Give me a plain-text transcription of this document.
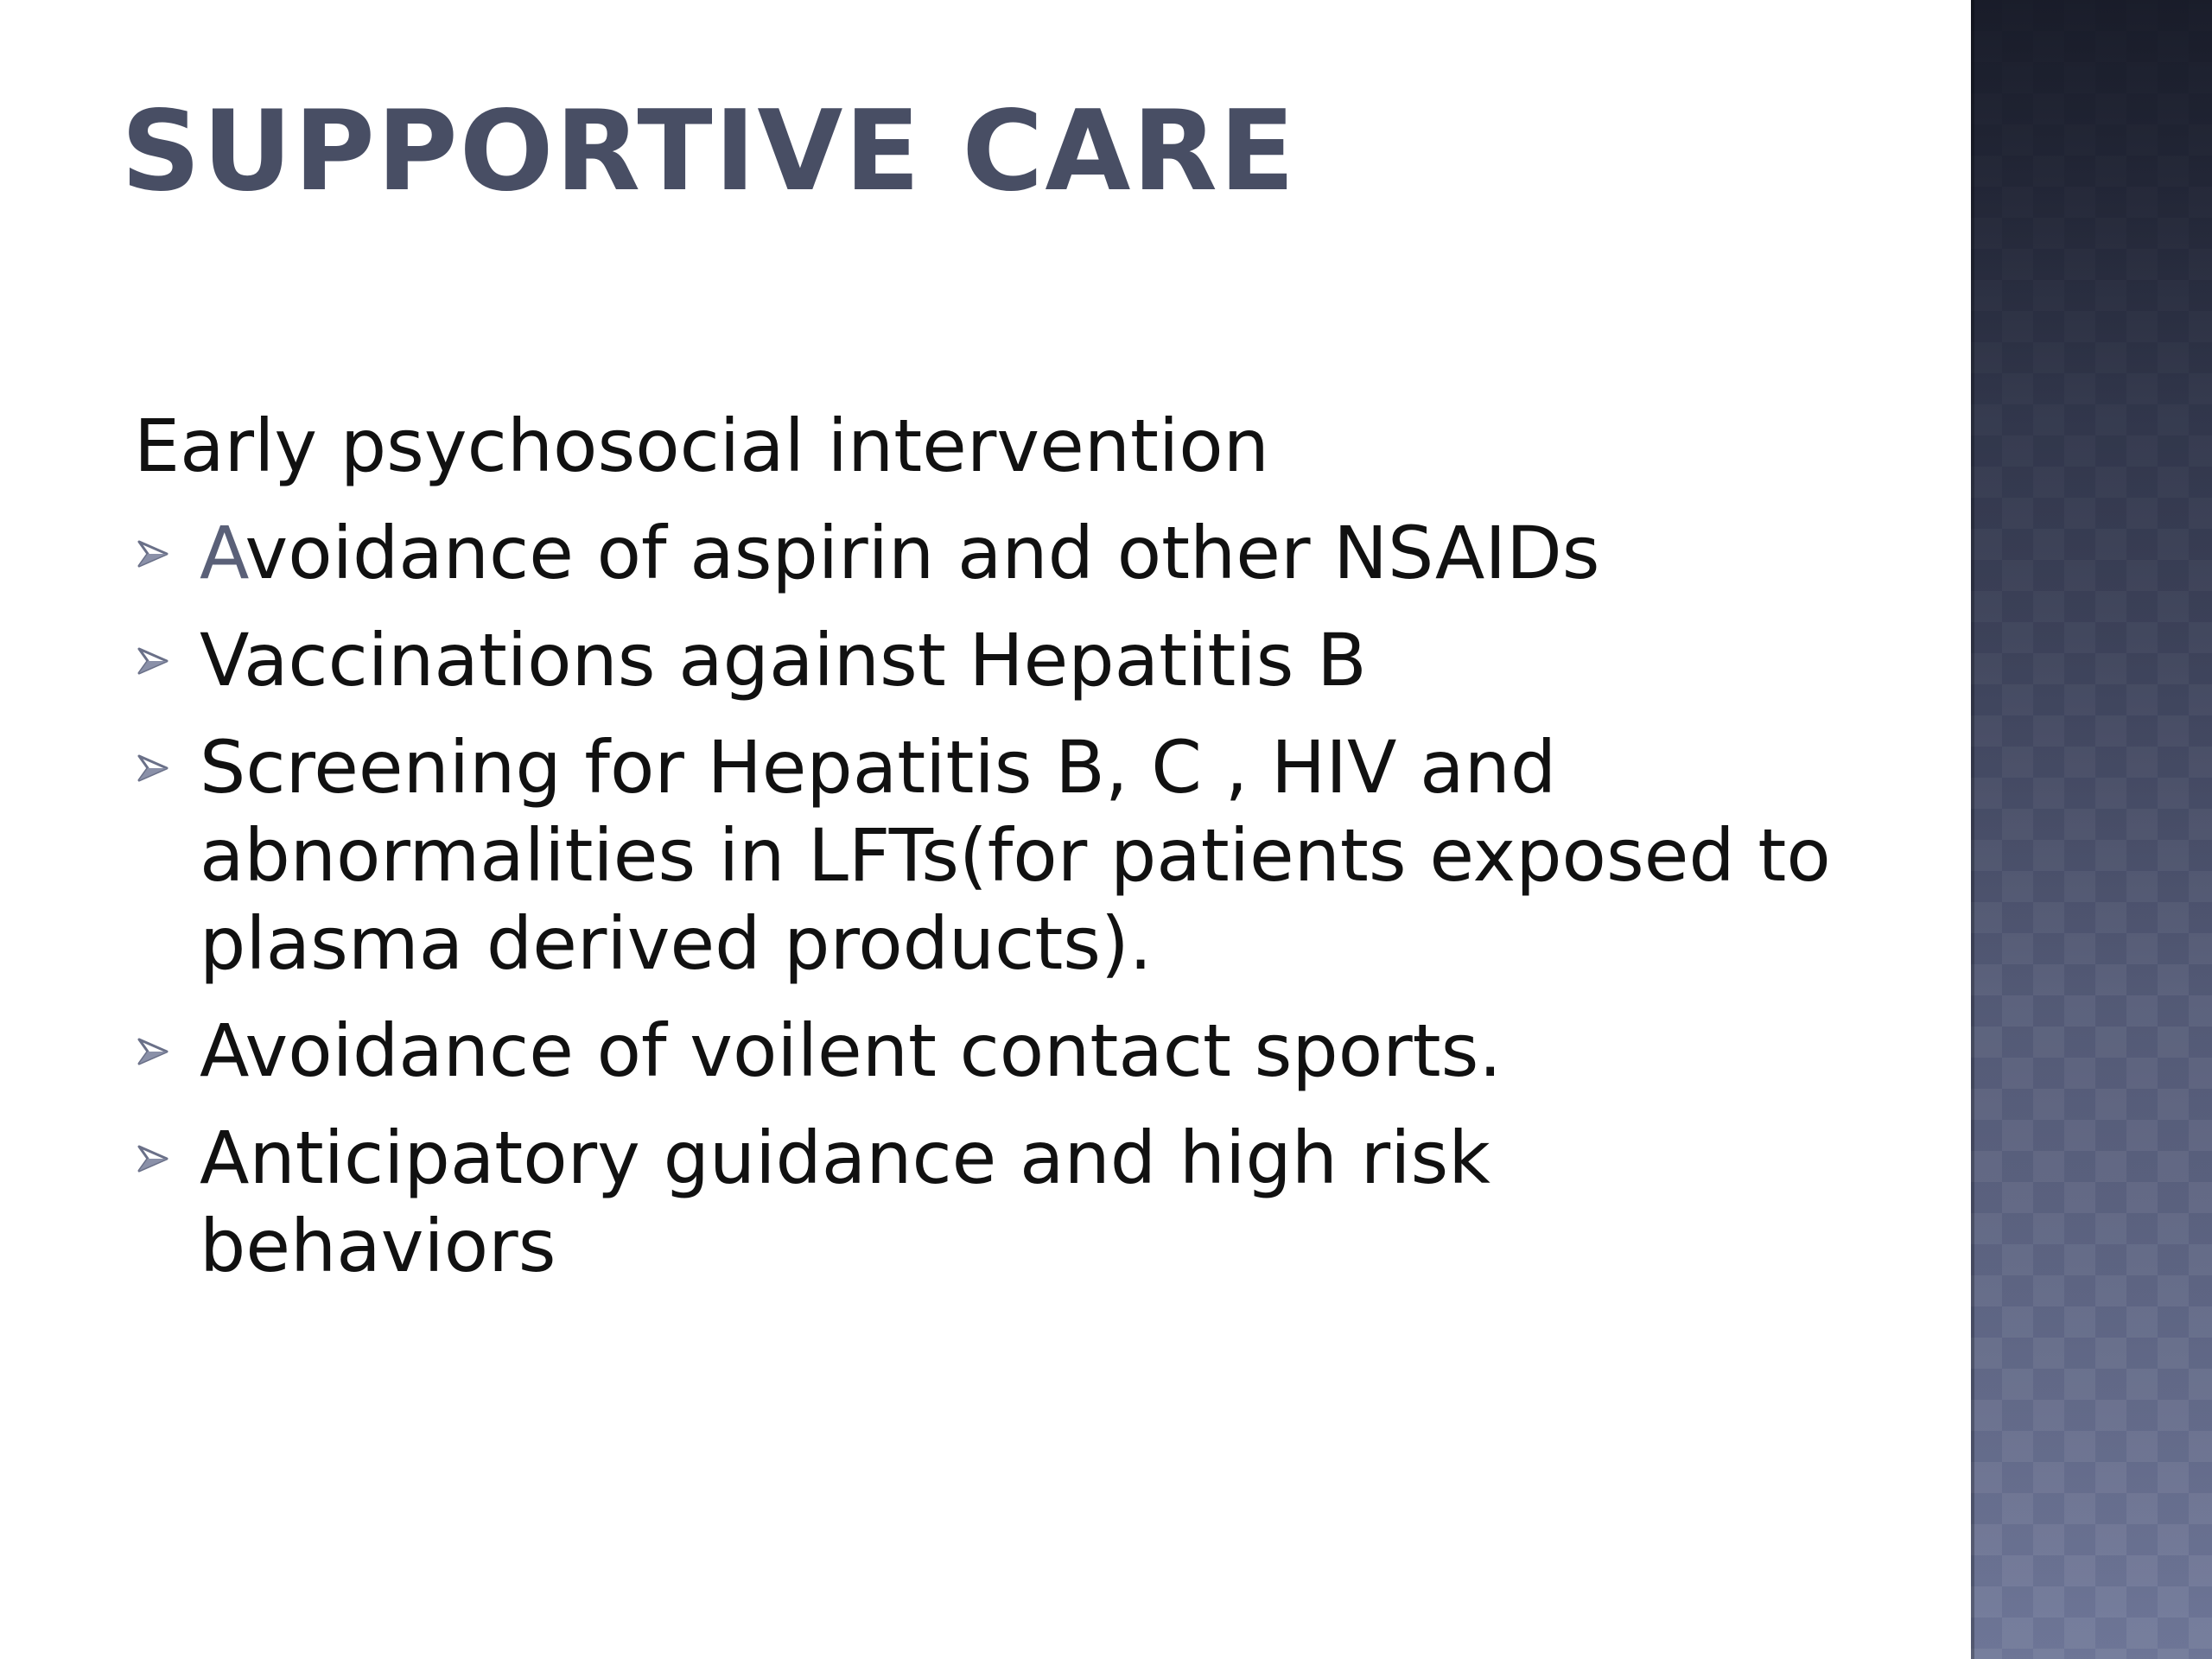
SUPPORTIVE CARE

Early psychosocial intervention

Avoidance of aspirin and other NSAIDs
Vaccinations against Hepatitis B
Screening for Hepatitis B, C , HIV and abnormalities in LFTs(for patients exposed to plasma derived products).
Avoidance of voilent contact sports.
Anticipatory guidance and high risk behaviors
